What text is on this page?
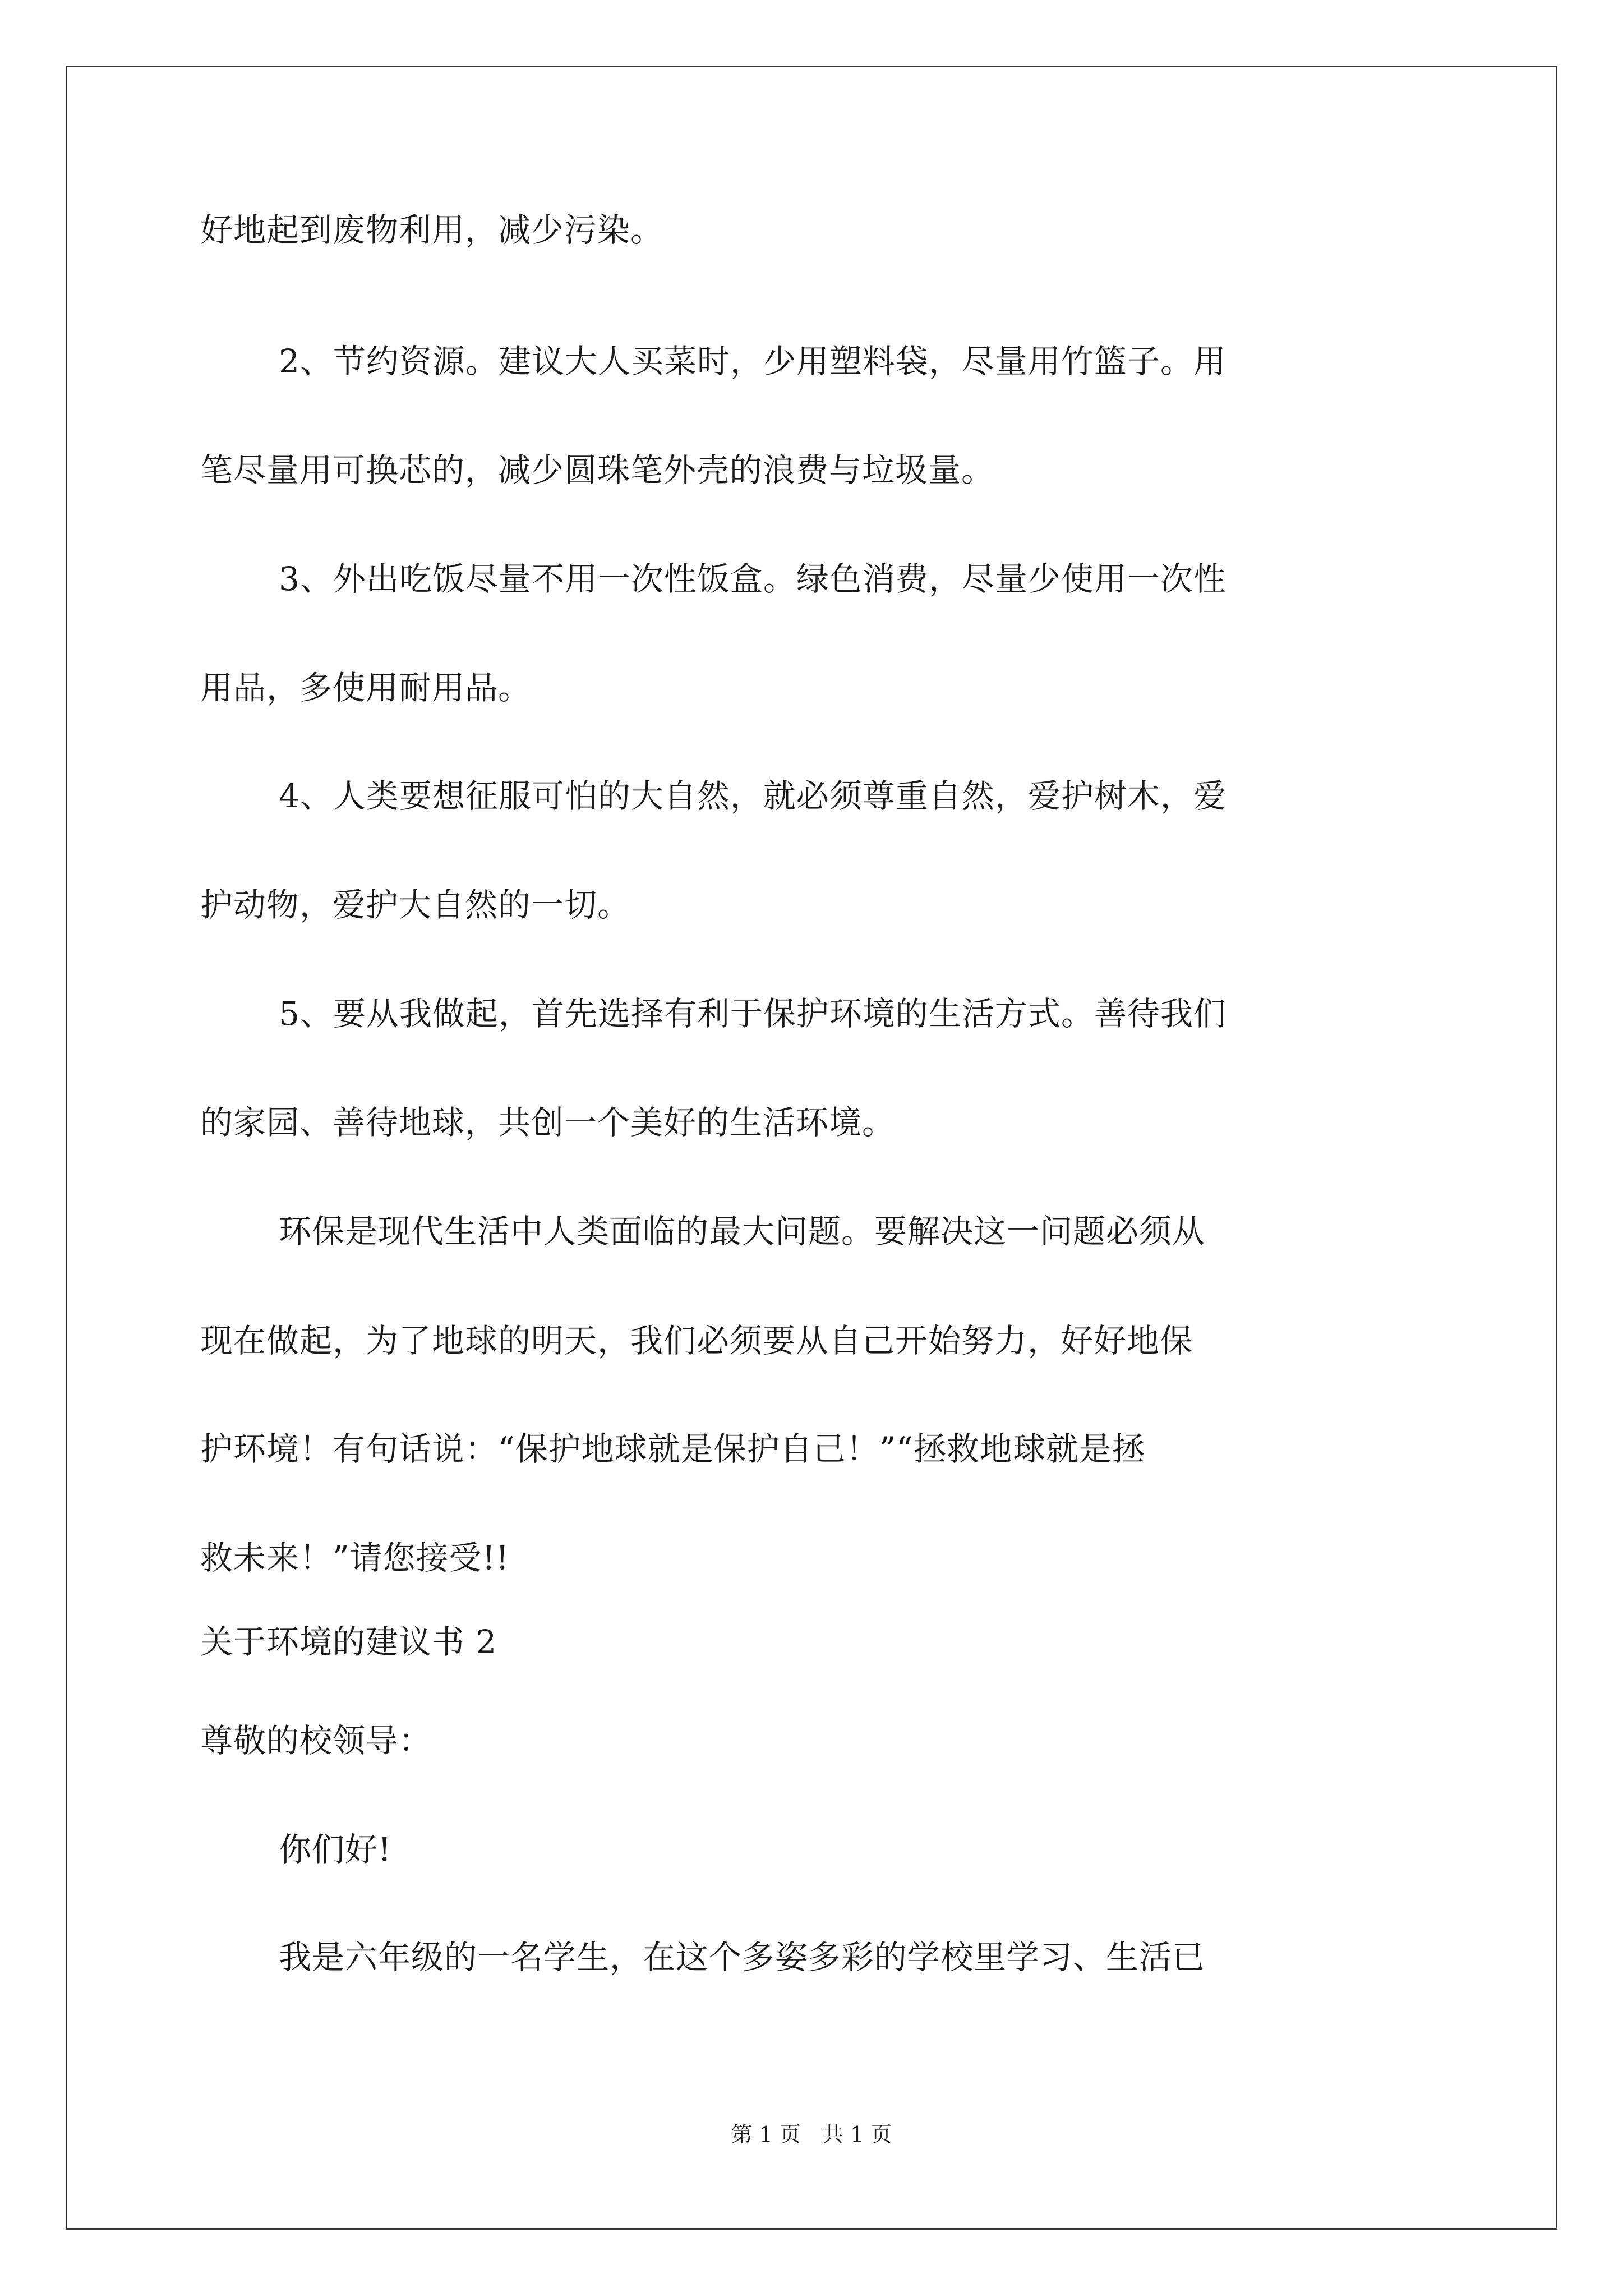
好地起到废物利用，减少污染。
2、节约资源。建议大人买菜时，少用塑料袋，尽量用竹篮子。用
笔尽量用可换芯的，减少圆珠笔外壳的浪费与垃圾量。
3、外出吃饭尽量不用一次性饭盒。绿色消费，尽量少使用一次性
用品，多使用耐用品。
4、人类要想征服可怕的大自然，就必须尊重自然，爱护树木，爱
护动物，爱护大自然的一切。
5、要从我做起，首先选择有利于保护环境的生活方式。善待我们
的家园、善待地球，共创一个美好的生活环境。
环保是现代生活中人类面临的最大问题。要解决这一问题必须从
现在做起，为了地球的明天，我们必须要从自己开始努力，好好地保
护环境！有句话说：“保护地球就是保护自己！”“拯救地球就是拯
救未来！”请您接受!!
关于环境的建议书 2
尊敬的校领导：
你们好!
我是六年级的一名学生，在这个多姿多彩的学校里学习、生活已
第 1 页　共 1 页
